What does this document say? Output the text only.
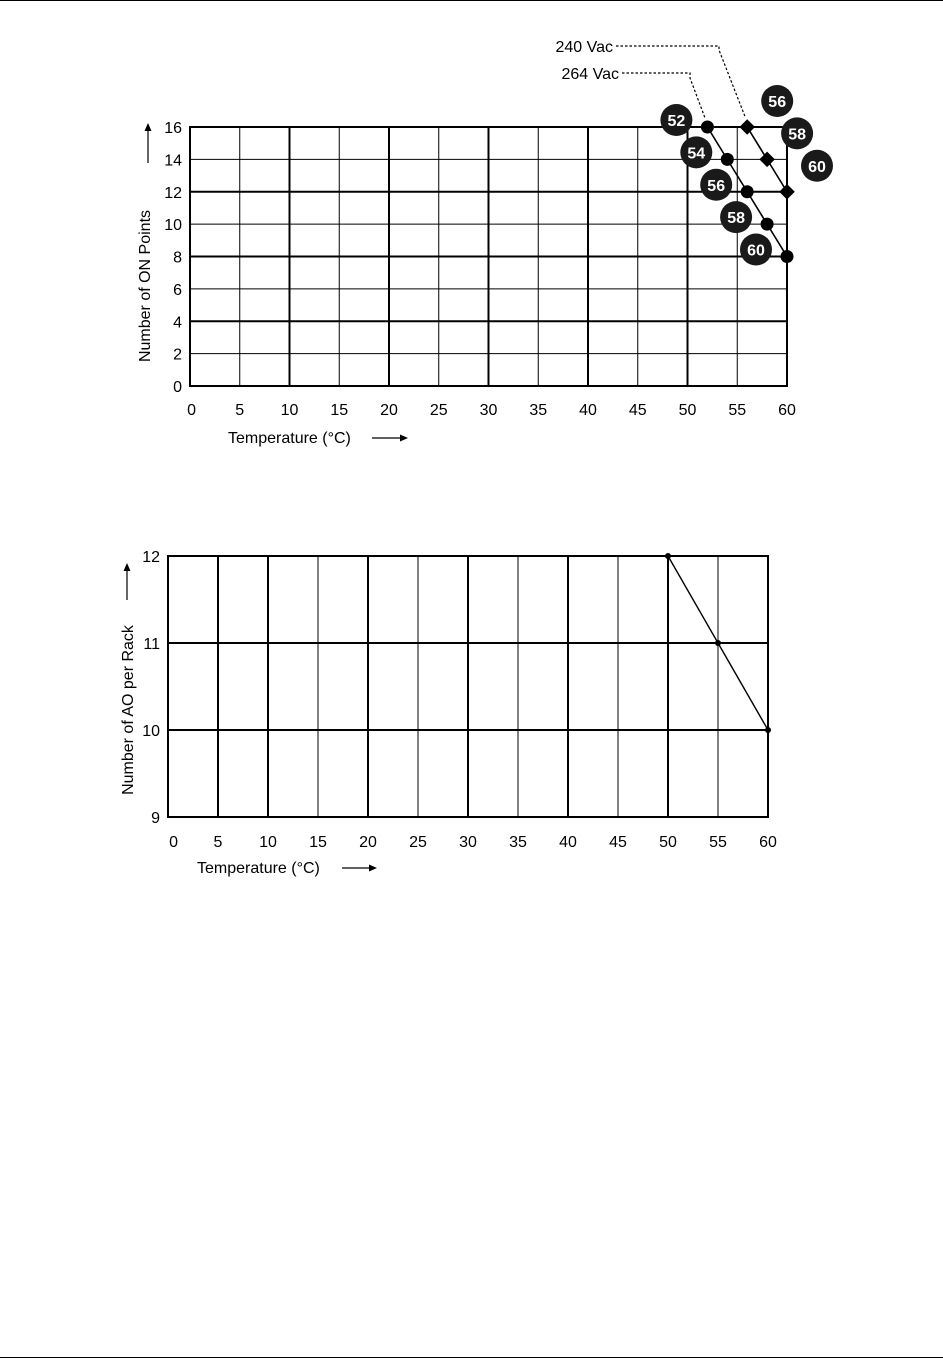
Number of ON Points
Temperature (°C)
240 Vac
264 Vac
0 5 10 15 20 25 30 35 40 45 50 55 60
0
2
4
6
8
10
12
14
16	52
54
56
58
60
56
58
60
Number of AO per Rack
Temperature (°C)
0 5 10 15 20 25 30 35 40 45 50 55 60
9
10
11
12
